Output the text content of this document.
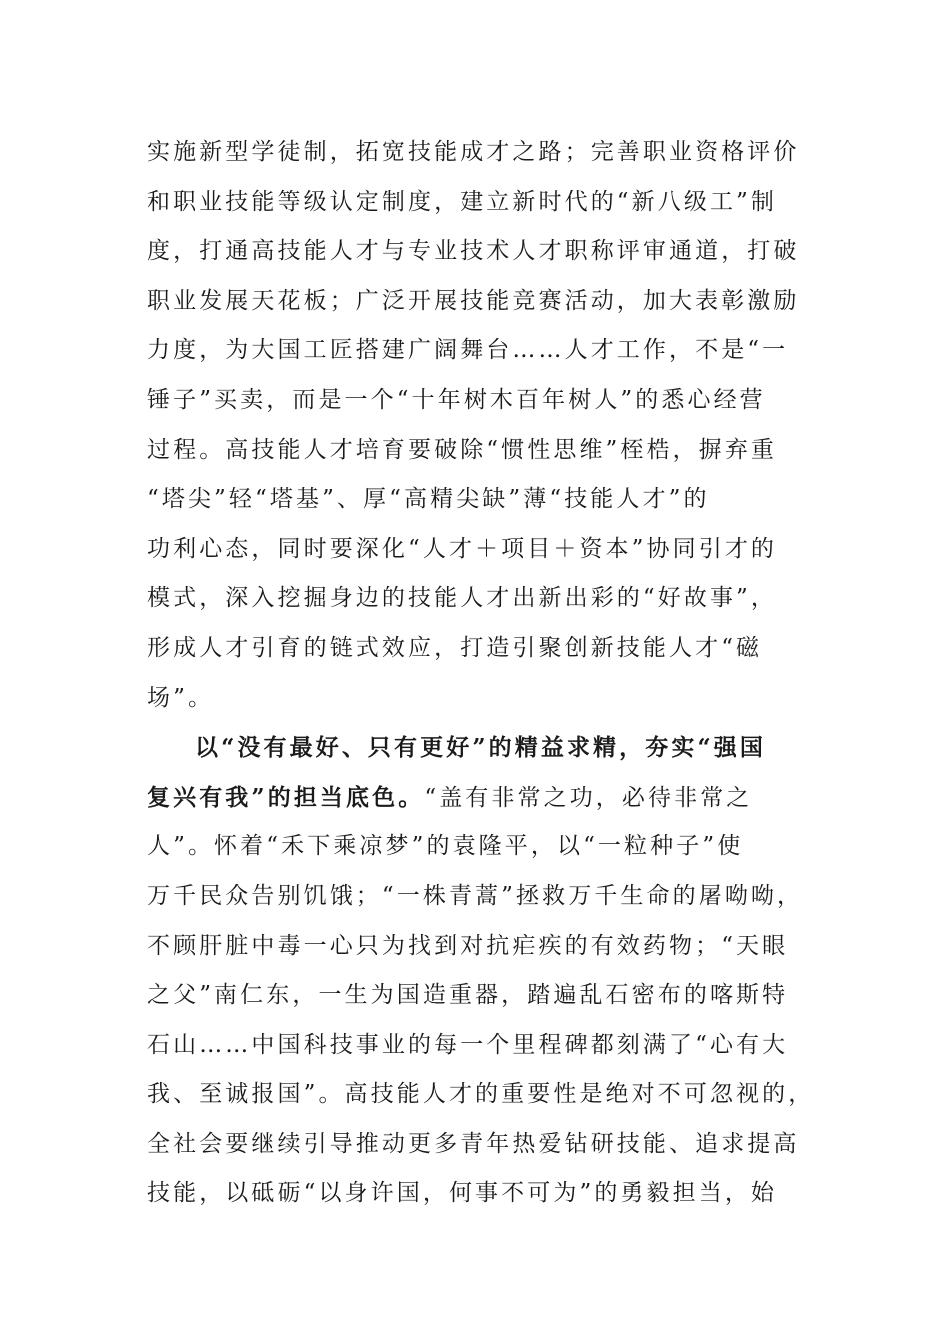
实施新型学徒制，拓宽技能成才之路；完善职业资格评价
和职业技能等级认定制度，建立新时代的“新八级工”制
度，打通高技能人才与专业技术人才职称评审通道，打破
职业发展天花板；广泛开展技能竞赛活动，加大表彰激励
力度，为大国工匠搭建广阔舞台……人才工作，不是“一
锤子”买卖，而是一个“十年树木百年树人”的悉心经营
过程。高技能人才培育要破除“惯性思维”桎梏，摒弃重
“塔尖”轻“塔基”、厚“高精尖缺”薄“技能人才”的
功利心态，同时要深化“人才＋项目＋资本”协同引才的
模式，深入挖掘身边的技能人才出新出彩的“好故事”，
形成人才引育的链式效应，打造引聚创新技能人才“磁
场”。
以“没有最好、只有更好”的精益求精，夯实“强国
复兴有我”的担当底色。“盖有非常之功，必待非常之
人”。怀着“禾下乘凉梦”的袁隆平，以“一粒种子”使
万千民众告别饥饿；“一株青蒿”拯救万千生命的屠呦呦，
不顾肝脏中毒一心只为找到对抗疟疾的有效药物；“天眼
之父”南仁东，一生为国造重器，踏遍乱石密布的喀斯特
石山……中国科技事业的每一个里程碑都刻满了“心有大
我、至诚报国”。高技能人才的重要性是绝对不可忽视的，
全社会要继续引导推动更多青年热爱钻研技能、追求提高
技能，以砥砺“以身许国，何事不可为”的勇毅担当，始
